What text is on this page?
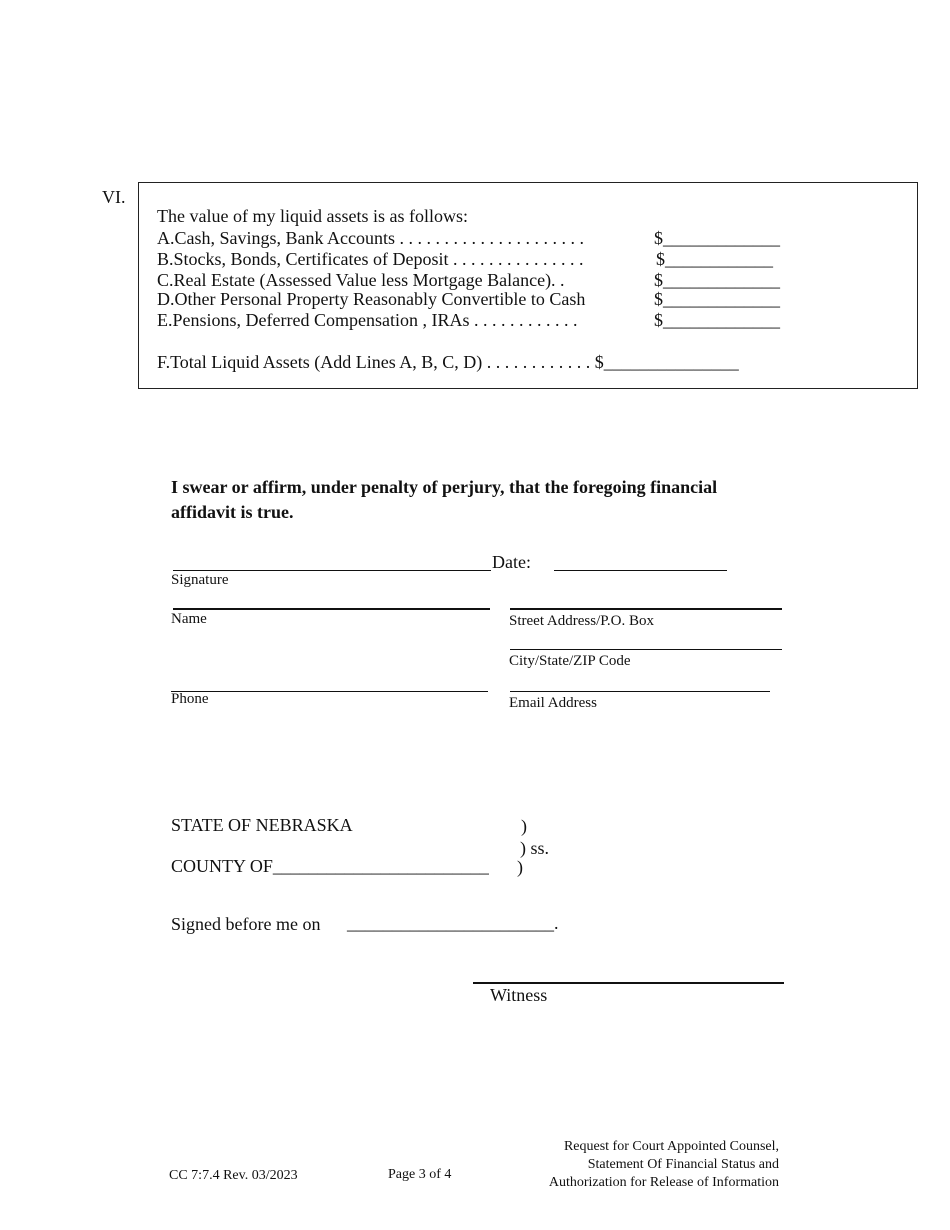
VI.
The value of my liquid assets is as follows:
A.Cash, Savings, Bank Accounts . . . . . . . . . . . . . . . . . . . . .	$_____________
B.Stocks, Bonds, Certificates of Deposit . . . . . . . . . . . . . . .	$____________
C.Real Estate (Assessed Value less Mortgage Balance). .	$_____________
D.Other Personal Property Reasonably Convertible to Cash	$_____________
E.Pensions, Deferred Compensation , IRAs . . . . . . . . . . . .	$_____________
F.Total Liquid Assets (Add Lines A, B, C, D) . . . . . . . . . . . . $_______________
I swear or affirm, under penalty of perjury, that the foregoing financial
affidavit is true.
Date:
Signature
Name	Street Address/P.O. Box
City/State/ZIP Code
Phone	Email Address
STATE OF NEBRASKA	)
) ss.
COUNTY OF________________________ )
Signed before me on _______________________.
Witness
CC 7:7.4 Rev. 03/2023	Page 3 of 4
Request for Court Appointed Counsel,
Statement Of Financial Status and
Authorization for Release of Information
